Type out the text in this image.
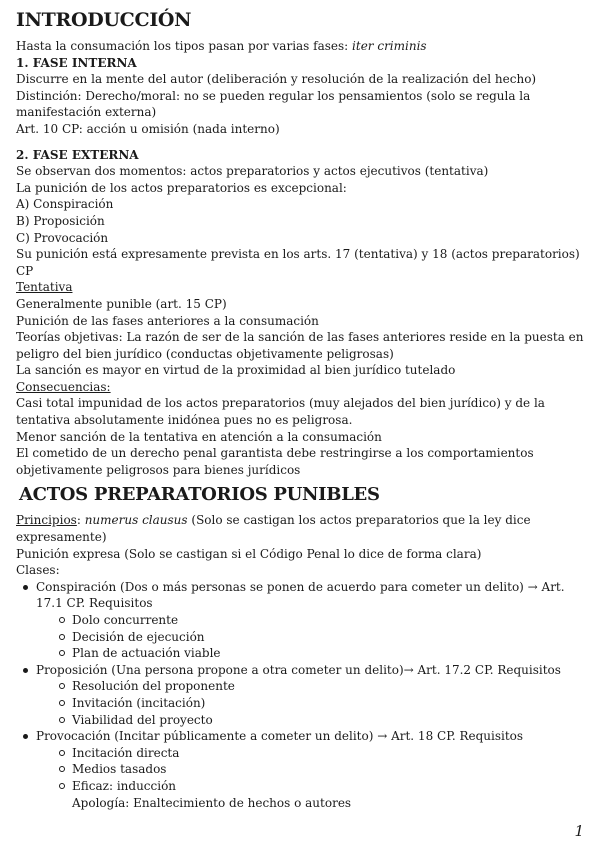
INTRODUCCIÓN
Hasta la consumación los tipos pasan por varias fases: iter criminis
1. FASE INTERNA
Discurre en la mente del autor (deliberación y resolución de la realización del hecho)
Distinción: Derecho/moral: no se pueden regular los pensamientos (solo se regula la manifestación externa)
Art. 10 CP: acción u omisión (nada interno)
2. FASE EXTERNA
Se observan dos momentos: actos preparatorios y actos ejecutivos (tentativa)
La punición de los actos preparatorios es excepcional:
A) Conspiración
B) Proposición
C) Provocación
Su punición está expresamente prevista en los arts. 17 (tentativa) y 18 (actos preparatorios) CP
Tentativa
Generalmente punible (art. 15 CP)
Punición de las fases anteriores a la consumación
Teorías objetivas: La razón de ser de la sanción de las fases anteriores reside en la puesta en peligro del bien jurídico (conductas objetivamente peligrosas)
La sanción es mayor en virtud de la proximidad al bien jurídico tutelado
Consecuencias:
Casi total impunidad de los actos preparatorios (muy alejados del bien jurídico) y de la tentativa absolutamente inidónea pues no es peligrosa.
Menor sanción de la tentativa en atención a la consumación
El cometido de un derecho penal garantista debe restringirse a los comportamientos objetivamente peligrosos para bienes jurídicos
ACTOS PREPARATORIOS PUNIBLES
Principios: numerus clausus (Solo se castigan los actos preparatorios que la ley dice expresamente)
Punición expresa (Solo se castigan si el Código Penal lo dice de forma clara)
Clases:
Conspiración (Dos o más personas se ponen de acuerdo para cometer un delito) → Art. 17.1 CP. Requisitos
Dolo concurrente
Decisión de ejecución
Plan de actuación viable
Proposición (Una persona propone a otra cometer un delito)→ Art. 17.2 CP. Requisitos
Resolución del proponente
Invitación (incitación)
Viabilidad del proyecto
Provocación (Incitar públicamente a cometer un delito) → Art. 18 CP. Requisitos
Incitación directa
Medios tasados
Eficaz: inducción
Apología: Enaltecimiento de hechos o autores
1
